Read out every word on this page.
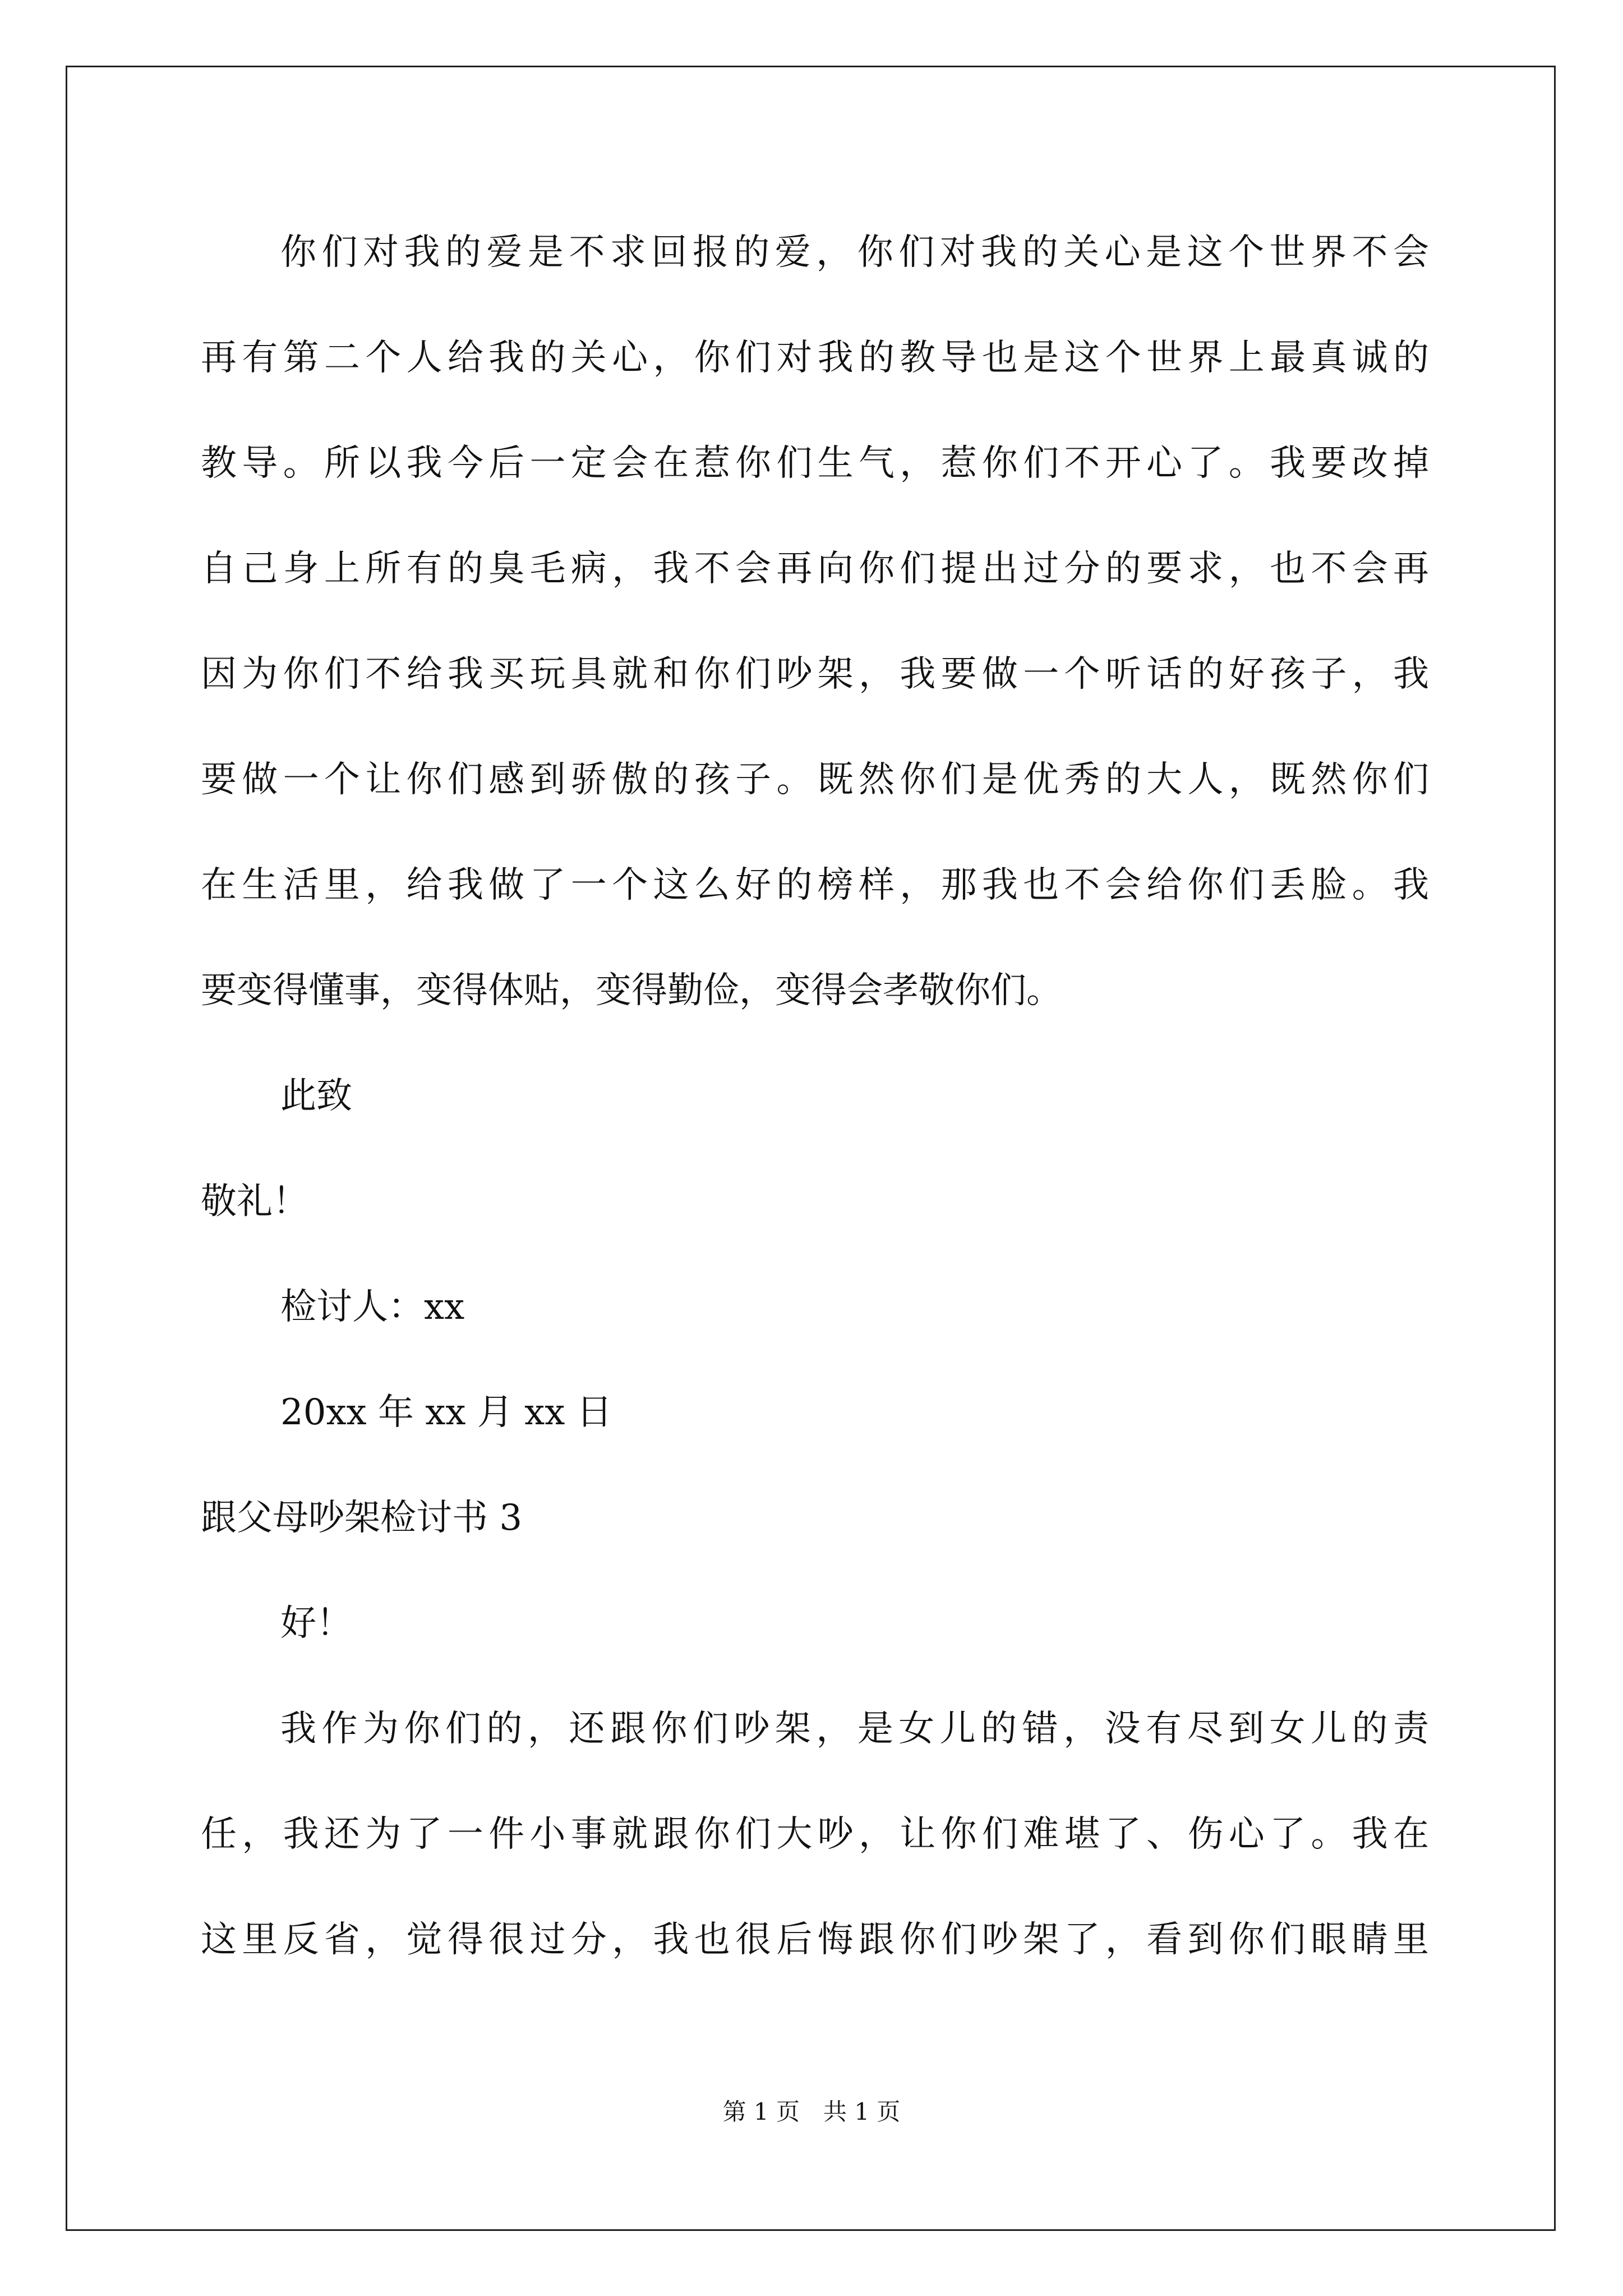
你们对我的爱是不求回报的爱，你们对我的关心是这个世界不会
再有第二个人给我的关心，你们对我的教导也是这个世界上最真诚的
教导。所以我今后一定会在惹你们生气，惹你们不开心了。我要改掉
自己身上所有的臭毛病，我不会再向你们提出过分的要求，也不会再
因为你们不给我买玩具就和你们吵架，我要做一个听话的好孩子，我
要做一个让你们感到骄傲的孩子。既然你们是优秀的大人，既然你们
在生活里，给我做了一个这么好的榜样，那我也不会给你们丢脸。我
要变得懂事，变得体贴，变得勤俭，变得会孝敬你们。
此致
敬礼！
检讨人：xx
20xx 年 xx 月 xx 日
跟父母吵架检讨书 3
好！
我作为你们的，还跟你们吵架，是女儿的错，没有尽到女儿的责
任，我还为了一件小事就跟你们大吵，让你们难堪了、伤心了。我在
这里反省，觉得很过分，我也很后悔跟你们吵架了，看到你们眼睛里
第 1 页　共 1 页
